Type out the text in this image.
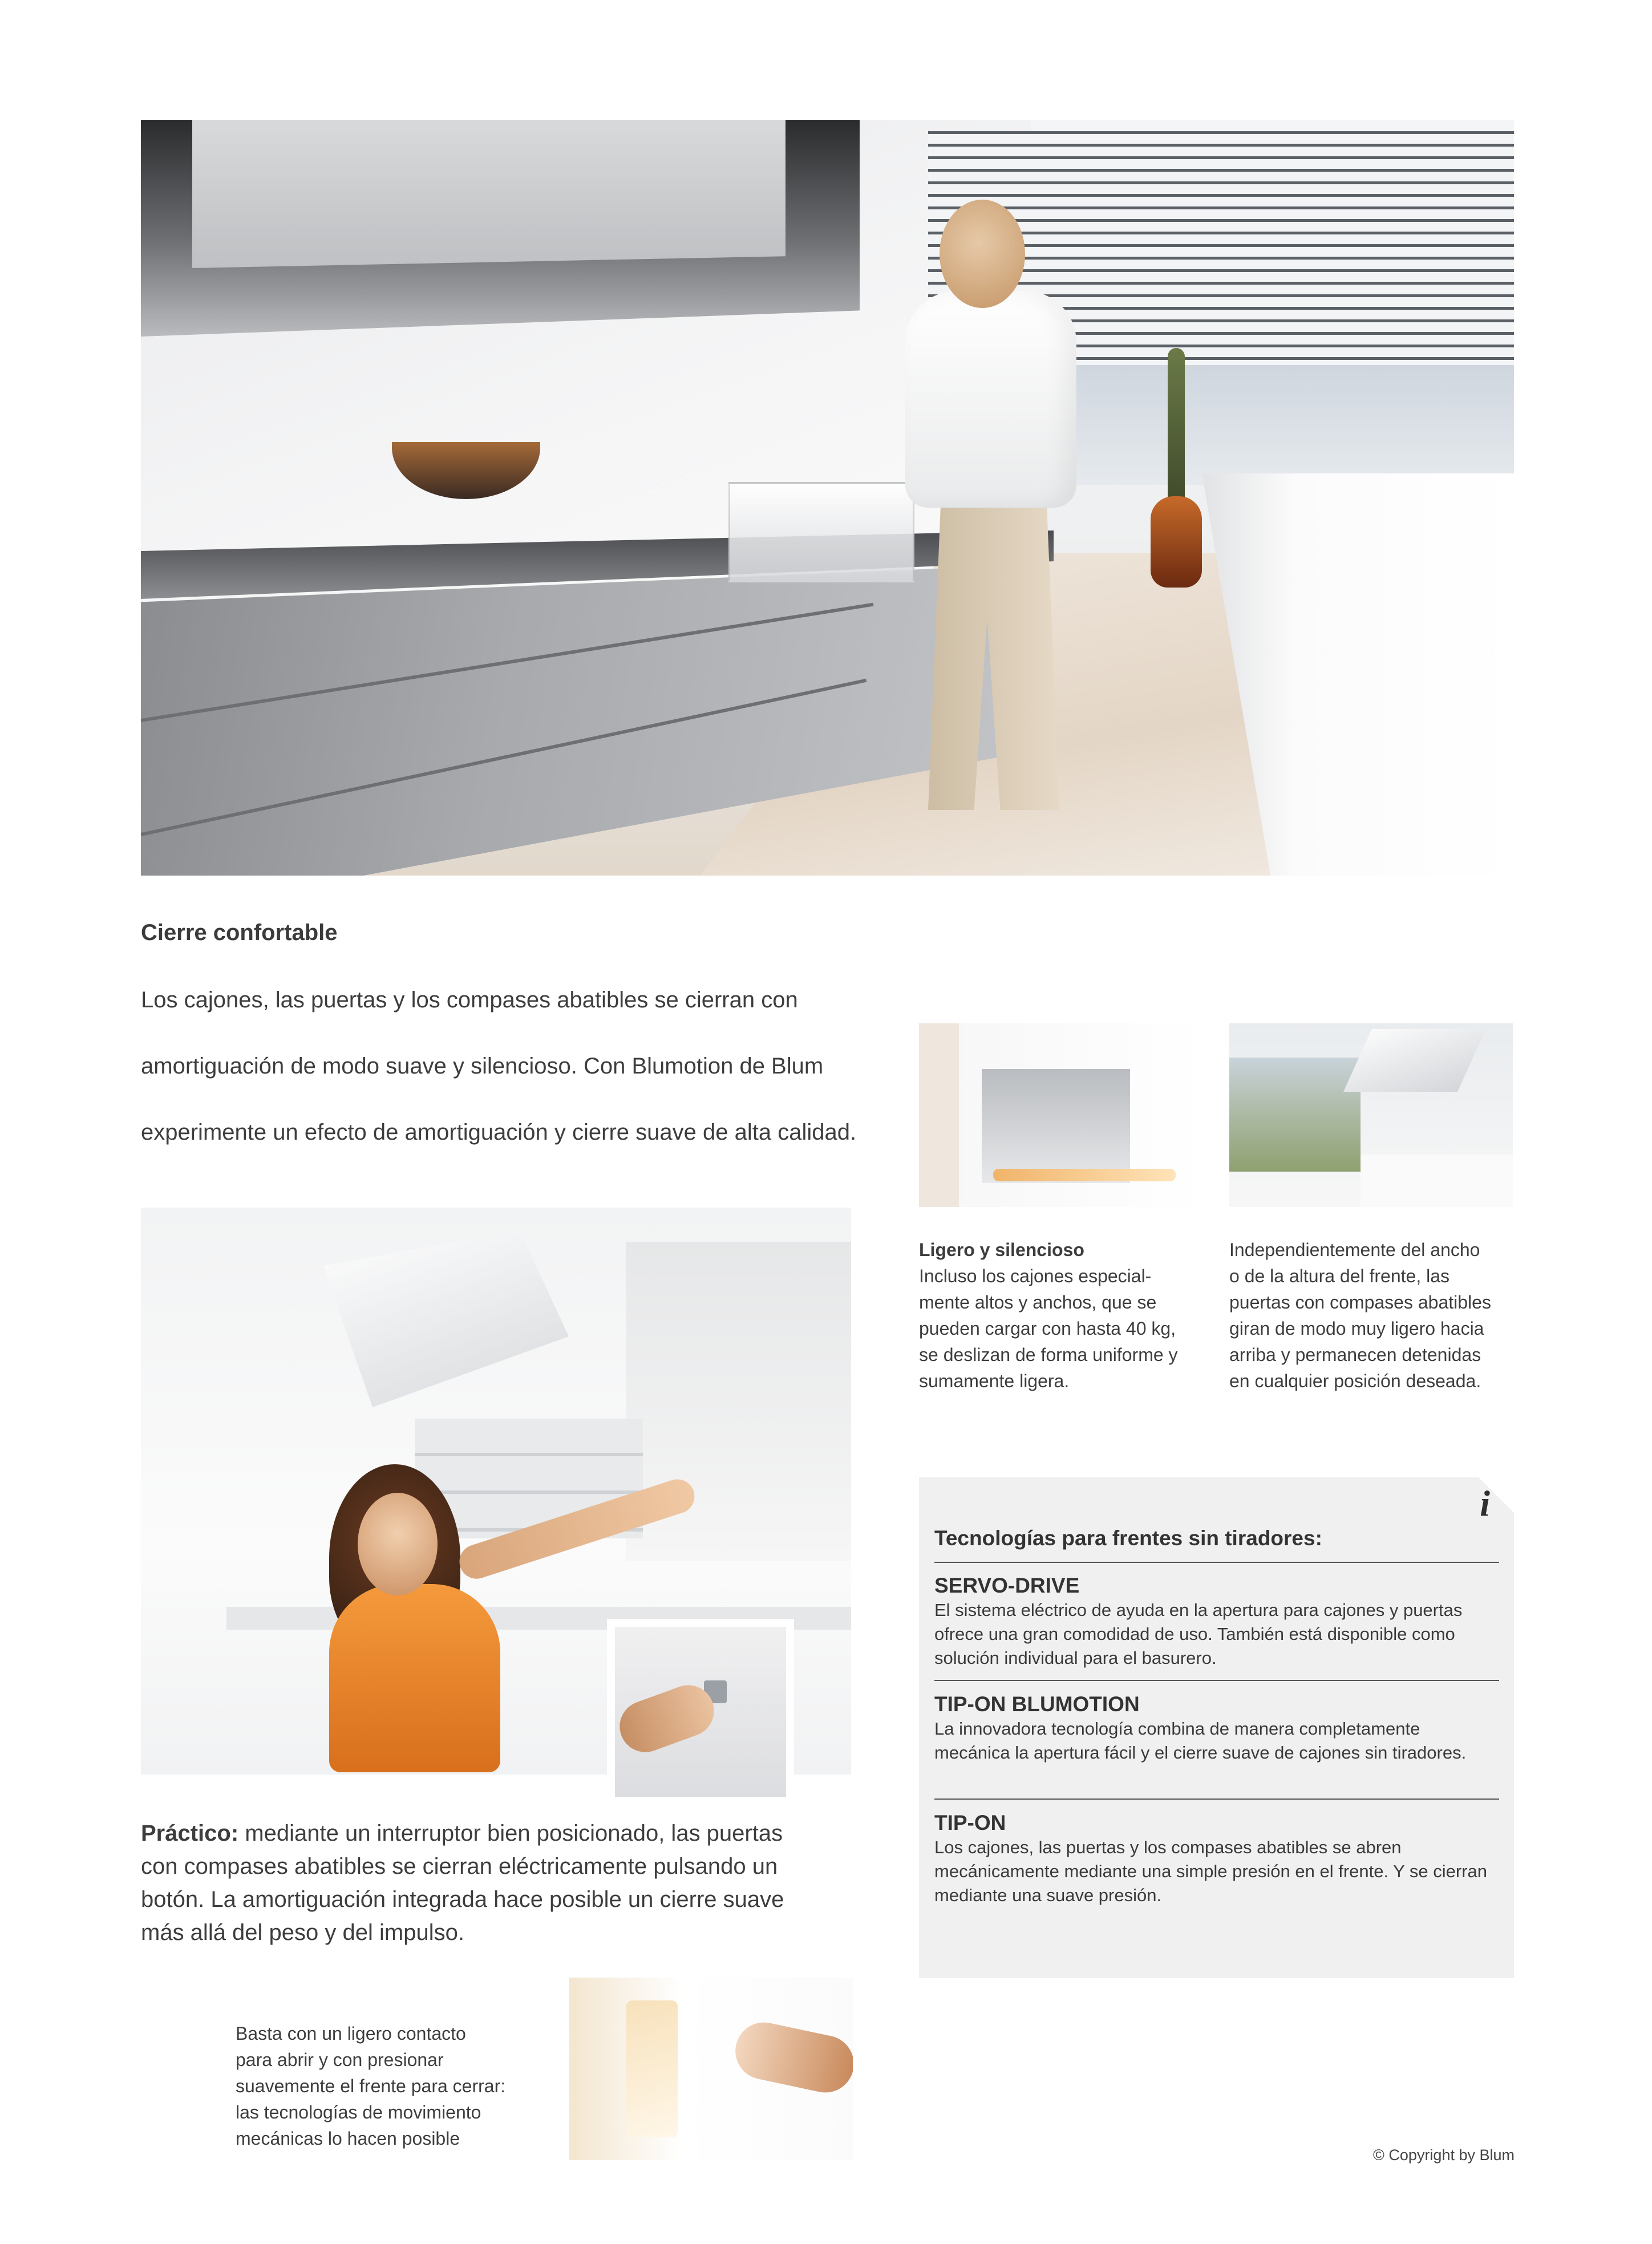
Cierre confortable

Los cajones, las puertas y los compases abatibles se cierran con

amortiguación de modo suave y silencioso. Con Blumotion de Blum

experimente un efecto de amortiguación y cierre suave de alta calidad.

Ligero y silencioso
Incluso los cajones especial-
mente altos y anchos, que se
pueden cargar con hasta 40 kg,
se deslizan de forma uniforme y
sumamente ligera.
Independientemente del ancho
o de la altura del frente, las
puertas con compases abatibles
giran de modo muy ligero hacia
arriba y permanecen detenidas
en cualquier posición deseada.
Práctico: mediante un interruptor bien posicionado, las puertas
con compases abatibles se cierran eléctricamente pulsando un
botón. La amortiguación integrada hace posible un cierre suave
más allá del peso y del impulso.
Basta con un ligero contacto
para abrir y con presionar
suavemente el frente para cerrar:
las tecnologías de movimiento
mecánicas lo hacen posible
i
Tecnologías para frentes sin tiradores:
SERVO-DRIVE
El sistema eléctrico de ayuda en la apertura para cajones y puertas ofrece una gran comodidad de uso. También está disponible como solución individual para el basurero.
TIP-ON BLUMOTION
La innovadora tecnología combina de manera completamente mecánica la apertura fácil y el cierre suave de cajones sin tiradores.
TIP-ON
Los cajones, las puertas y los compases abatibles se abren mecánicamente mediante una simple presión en el frente. Y se cierran mediante una suave presión.
© Copyright by Blum
